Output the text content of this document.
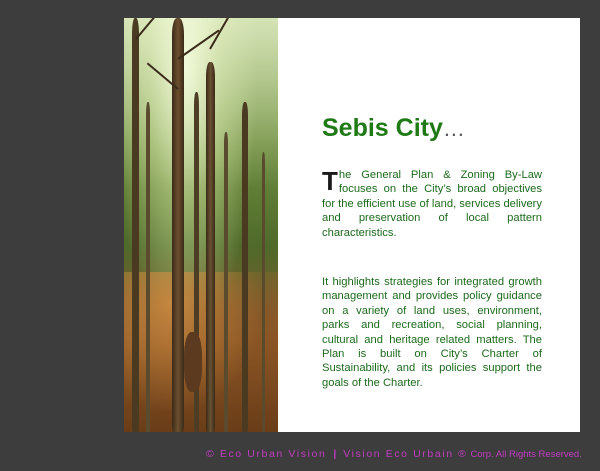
Sebis City…

The General Plan & Zoning By-Law focuses on the City’s broad objectives for the efficient use of land, services delivery and preservation of local pattern characteristics.

It highlights strategies for integrated growth management and provides policy guidance on a variety of land uses, environment, parks and recreation, social planning, cultural and heritage related matters. The Plan is built on City’s Charter of Sustainability, and its policies support the goals of the Charter.

© Eco Urban Vision | Vision Eco Urbain ® Corp. All Rights Reserved.
